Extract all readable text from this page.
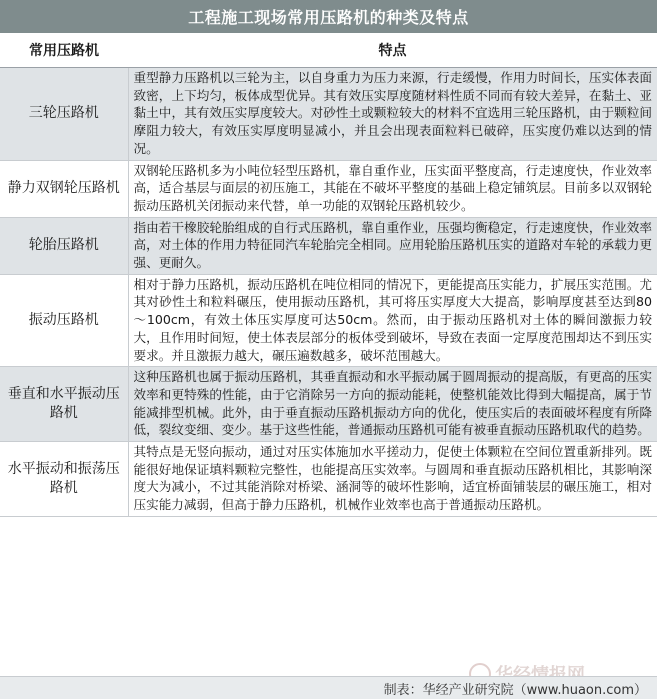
工程施工现场常用压路机的种类及特点
常用压路机	特点
三轮压路机	重型静力压路机以三轮为主，以自身重力为压力来源，行走缓慢，作用力时间长，压实体表面致密，上下均匀，板体成型优异。其有效压实厚度随材料性质不同而有较大差异，在黏土、亚黏土中，其有效压实厚度较大。对砂性土或颗粒较大的材料不宜选用三轮压路机，由于颗粒间摩阻力较大，有效压实厚度明显减小，并且会出现表面粒料已破碎，压实度仍难以达到的情况。
静力双钢轮压路机	双钢轮压路机多为小吨位轻型压路机，靠自重作业，压实面平整度高，行走速度快，作业效率高，适合基层与面层的初压施工，其能在不破坏平整度的基础上稳定铺筑层。目前多以双钢轮振动压路机关闭振动来代替，单一功能的双钢轮压路机较少。
轮胎压路机	指由若干橡胶轮胎组成的自行式压路机，靠自重作业，压强均衡稳定，行走速度快，作业效率高，对土体的作用力特征同汽车轮胎完全相同。应用轮胎压路机压实的道路对车轮的承载力更强、更耐久。
振动压路机	相对于静力压路机，振动压路机在吨位相同的情况下，更能提高压实能力，扩展压实范围。尤其对砂性土和粒料碾压，使用振动压路机，其可将压实厚度大大提高，影响厚度甚至达到80～100cm，有效土体压实厚度可达50cm。然而，由于振动压路机对土体的瞬间激振力较大，且作用时间短，使土体表层部分的板体受到破坏，导致在表面一定厚度范围却达不到压实要求。并且激振力越大，碾压遍数越多，破坏范围越大。
垂直和水平振动压路机	这种压路机也属于振动压路机，其垂直振动和水平振动属于圆周振动的提高版，有更高的压实效率和更特殊的性能，由于它消除另一方向的振动能耗，使整机能效比得到大幅提高，属于节能减排型机械。此外，由于垂直振动压路机振动方向的优化，使压实后的表面破坏程度有所降低，裂纹变细、变少。基于这些性能，普通振动压路机可能有被垂直振动压路机取代的趋势。
水平振动和振荡压路机	其特点是无竖向振动，通过对压实体施加水平搓动力，促使土体颗粒在空间位置重新排列。既能很好地保证填料颗粒完整性，也能提高压实效率。与圆周和垂直振动压路机相比，其影响深度大为减小，不过其能消除对桥梁、涵洞等的破坏性影响，适宜桥面铺装层的碾压施工，相对压实能力减弱，但高于静力压路机，机械作业效率也高于普通振动压路机。
制表：华经产业研究院（www.huaon.com）
